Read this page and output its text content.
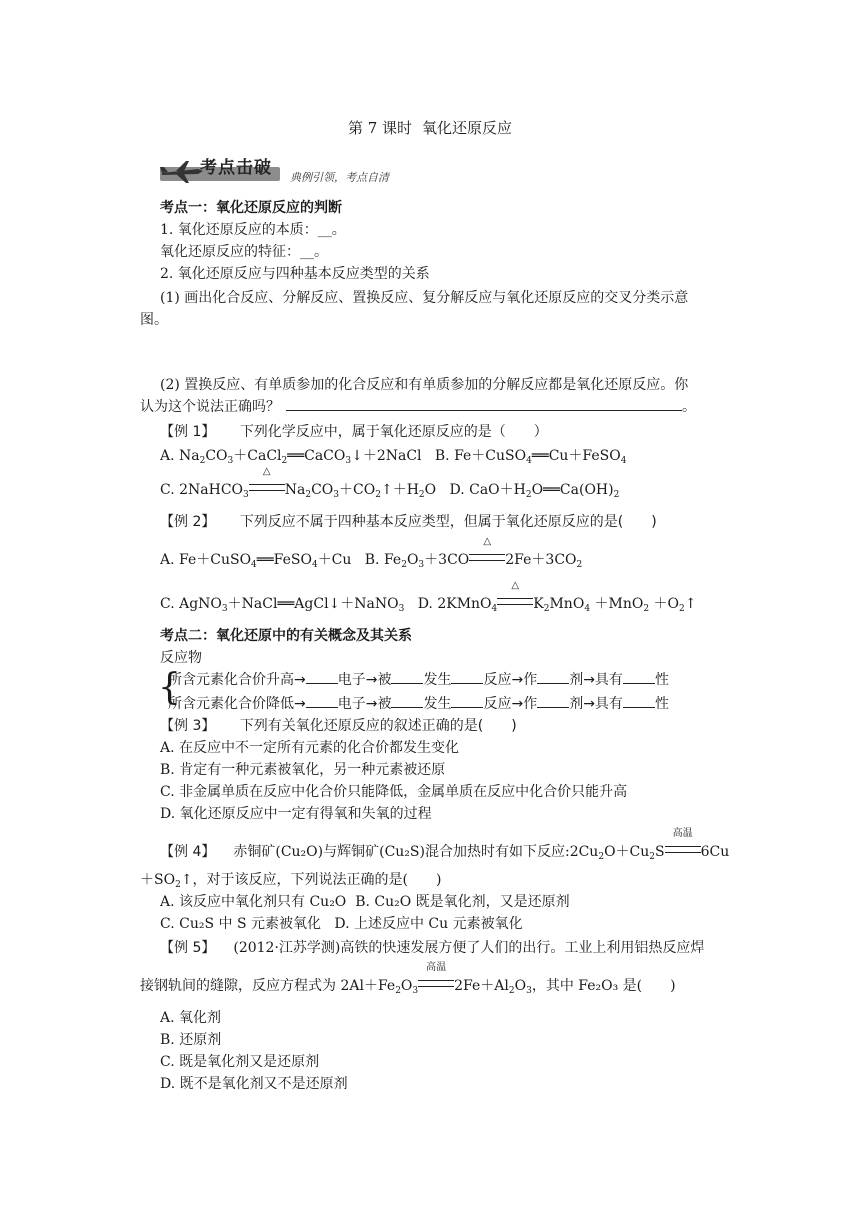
第 7 课时 氧化还原反应
考点击破 典例引领，考点自清
考点一：氧化还原反应的判断
1. 氧化还原反应的本质：__。
氧化还原反应的特征：__。
2. 氧化还原反应与四种基本反应类型的关系
(1) 画出化合反应、分解反应、置换反应、复分解反应与氧化还原反应的交叉分类示意
图。
(2) 置换反应、有单质参加的化合反应和有单质参加的分解反应都是氧化还原反应。你
认为这个说法正确吗？	。
【例 1】 下列化学反应中，属于氧化还原反应的是（　　）
A. $Na_2CO_3+CaCl_2══CaCO_3↓+2NaCl$   B. Fe＋CuSO$_4$══Cu＋FeSO$_4$
C. 2NaHCO$_3$
△
$Na_2CO_3+CO_2↑+H_2O$   D. $CaO+H_2O══Ca(OH)_2$
【例 2】 下列反应不属于四种基本反应类型，但属于氧化还原反应的是(　　)
A. Fe＋CuSO$_4$══FeSO$_4$＋Cu   B. $Fe_2O_3+3CO$
△
$2Fe+3CO_2$
C. AgNO$_3$＋NaCl══AgCl↓＋NaNO$_3$   D. 2KMnO$_4$
△
$K_2MnO_4 +MnO_2$ $+O_2↑$
考点二：氧化还原中的有关概念及其关系
反应物
{
所含元素化合价升高→ 电子→被 发生 反应→作 剂→具有 性
所含元素化合价降低→ 电子→被 发生 反应→作 剂→具有 性
【例 3】 下列有关氧化还原反应的叙述正确的是(　　)
A. 在反应中不一定所有元素的化合价都发生变化
B. 肯定有一种元素被氧化，另一种元素被还原
C. 非金属单质在反应中化合价只能降低，金属单质在反应中化合价只能升高
D. 氧化还原反应中一定有得氧和失氧的过程
【例 4】 赤铜矿(Cu₂O)与辉铜矿(Cu₂S)混合加热时有如下反应$:2Cu_2O+Cu_2S$
高温
6Cu
$+SO_2↑$，对于该反应，下列说法正确的是(　　)
A. 该反应中氧化剂只有 Cu₂O B. Cu₂O 既是氧化剂，又是还原剂
C. Cu₂S 中 S 元素被氧化 D. 上述反应中 Cu 元素被氧化
【例 5】 (2012·江苏学测)高铁的快速发展方便了人们的出行。工业上利用铝热反应焊
接钢轨间的缝隙，反应方程式为 $2Al+Fe_2O_3$
高温
$2Fe+Al_2O_3$，其中 Fe₂O₃ 是(　　)
A. 氧化剂
B. 还原剂
C. 既是氧化剂又是还原剂
D. 既不是氧化剂又不是还原剂
